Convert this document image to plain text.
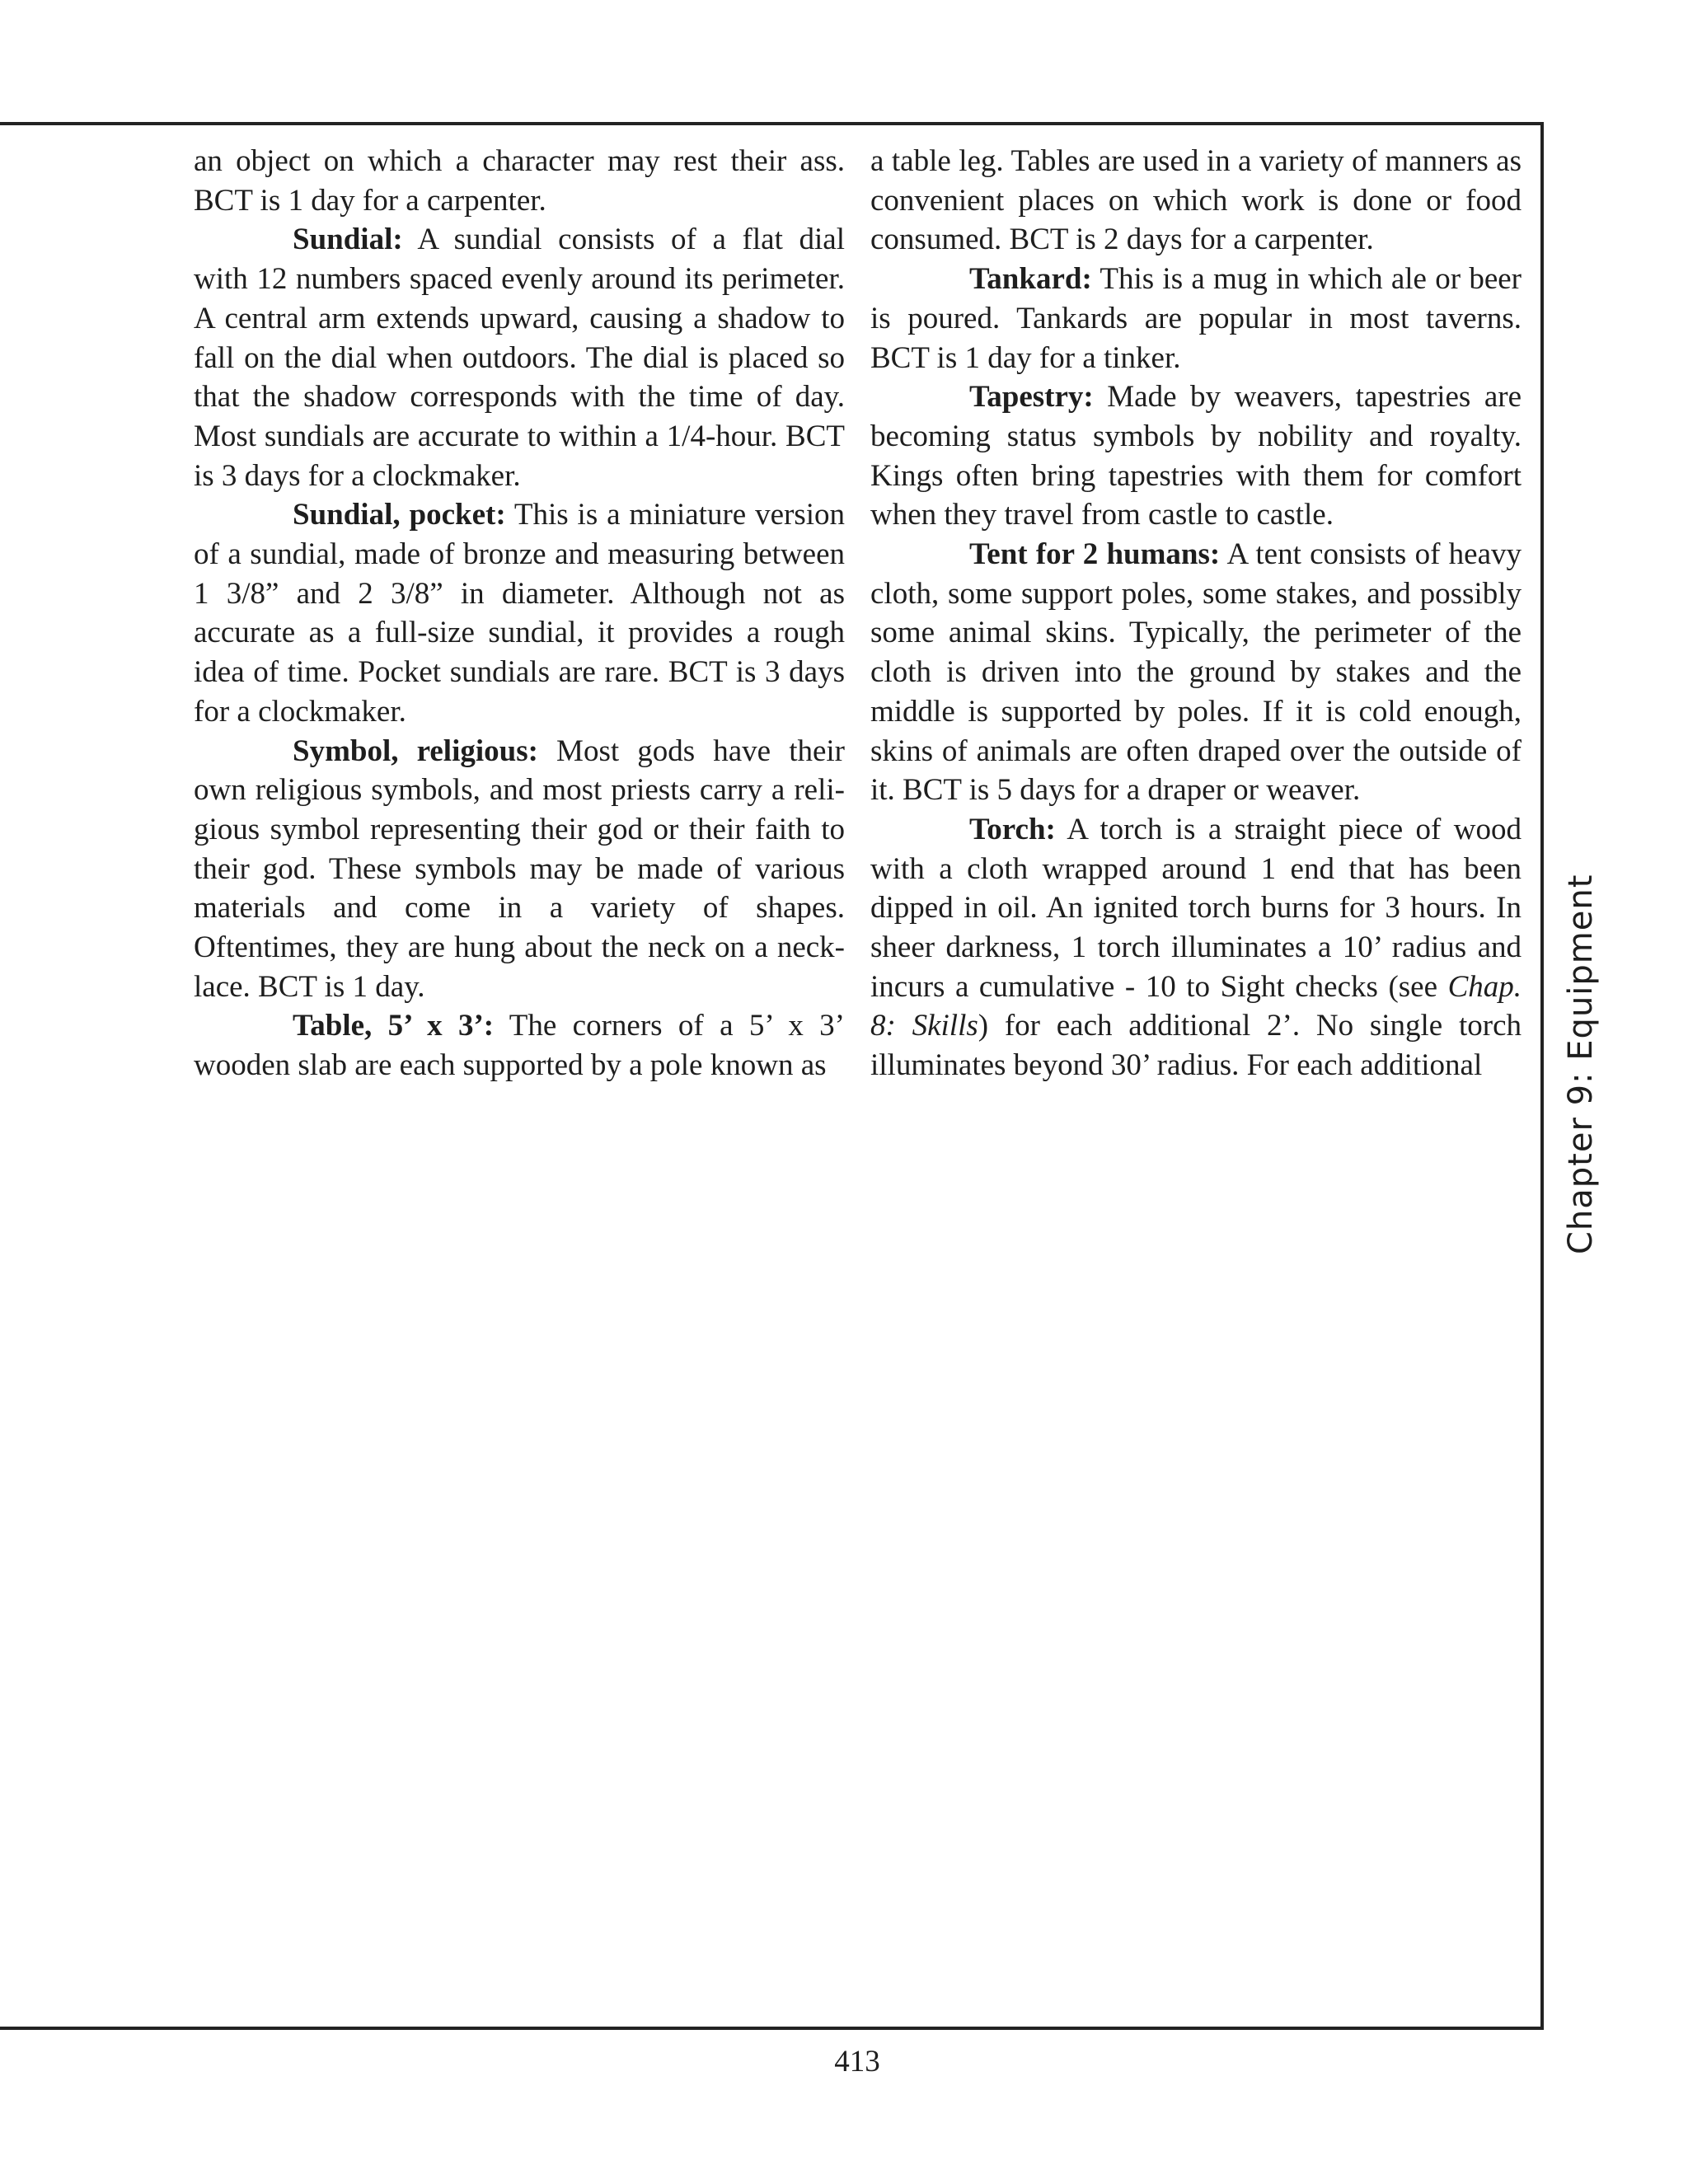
an object on which a character may rest their ass. BCT is 1 day for a carpenter.

Sundial: A sundial consists of a flat dial with 12 numbers spaced evenly around its perimeter. A central arm extends upward, causing a shadow to fall on the dial when outdoors. The dial is placed so that the shadow corresponds with the time of day. Most sundials are accurate to within a 1/4-hour. BCT is 3 days for a clockmaker.

Sundial, pocket: This is a miniature version of a sundial, made of bronze and measuring between 1 3/8” and 2 3/8” in diameter. Although not as accurate as a full-size sundial, it provides a rough idea of time. Pocket sundials are rare. BCT is 3 days for a clockmaker.

Symbol, religious: Most gods have their own religious symbols, and most priests carry a religious symbol representing their god or their faith to their god. These symbols may be made of various materials and come in a variety of shapes. Oftentimes, they are hung about the neck on a necklace. BCT is 1 day.

Table, 5’ x 3’: The corners of a 5’ x 3’ wooden slab are each supported by a pole known as

a table leg. Tables are used in a variety of manners as convenient places on which work is done or food consumed. BCT is 2 days for a carpenter.

Tankard: This is a mug in which ale or beer is poured. Tankards are popular in most taverns. BCT is 1 day for a tinker.

Tapestry: Made by weavers, tapestries are becoming status symbols by nobility and royalty. Kings often bring tapestries with them for comfort when they travel from castle to castle.

Tent for 2 humans: A tent consists of heavy cloth, some support poles, some stakes, and possibly some animal skins. Typically, the perimeter of the cloth is driven into the ground by stakes and the middle is supported by poles. If it is cold enough, skins of animals are often draped over the outside of it. BCT is 5 days for a draper or weaver.

Torch: A torch is a straight piece of wood with a cloth wrapped around 1 end that has been dipped in oil. An ignited torch burns for 3 hours. In sheer darkness, 1 torch illuminates a 10’ radius and incurs a cumulative - 10 to Sight checks (see Chap. 8: Skills) for each additional 2’. No single torch illuminates beyond 30’ radius. For each additional	Chapter 9: Equipment
413
